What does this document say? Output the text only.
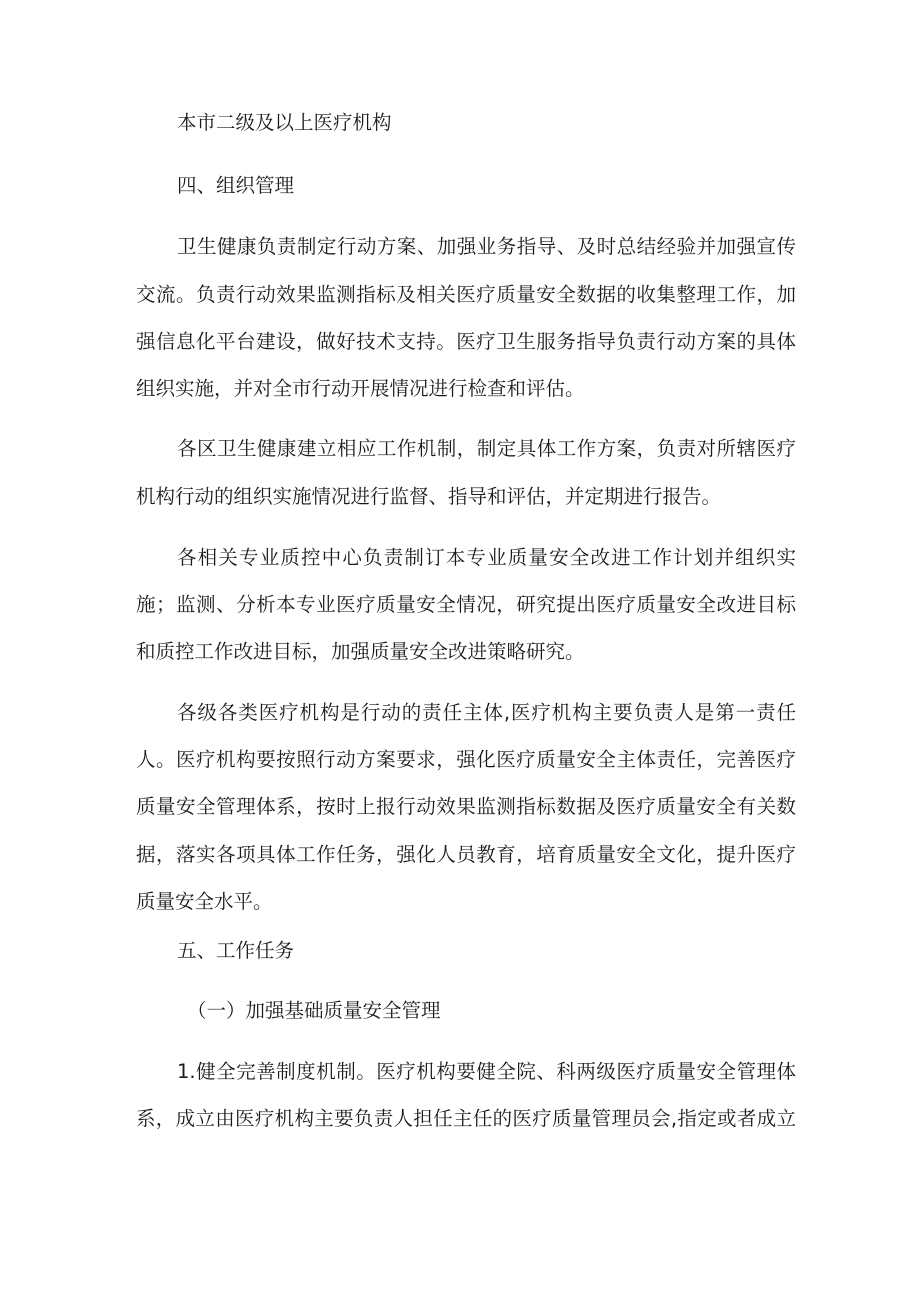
本市二级及以上医疗机构
四、组织管理
卫生健康负责制定行动方案、加强业务指导、及时总结经验并加强宣传
交流。负责行动效果监测指标及相关医疗质量安全数据的收集整理工作，加
强信息化平台建设，做好技术支持。医疗卫生服务指导负责行动方案的具体
组织实施，并对全市行动开展情况进行检查和评估。
各区卫生健康建立相应工作机制，制定具体工作方案，负责对所辖医疗
机构行动的组织实施情况进行监督、指导和评估，并定期进行报告。
各相关专业质控中心负责制订本专业质量安全改进工作计划并组织实
施；监测、分析本专业医疗质量安全情况，研究提出医疗质量安全改进目标
和质控工作改进目标，加强质量安全改进策略研究。
各级各类医疗机构是行动的责任主体,医疗机构主要负责人是第一责任
人。医疗机构要按照行动方案要求，强化医疗质量安全主体责任，完善医疗
质量安全管理体系，按时上报行动效果监测指标数据及医疗质量安全有关数
据，落实各项具体工作任务，强化人员教育，培育质量安全文化，提升医疗
质量安全水平。
五、工作任务
（一）加强基础质量安全管理
1.健全完善制度机制。医疗机构要健全院、科两级医疗质量安全管理体
系，成立由医疗机构主要负责人担任主任的医疗质量管理员会,指定或者成立
